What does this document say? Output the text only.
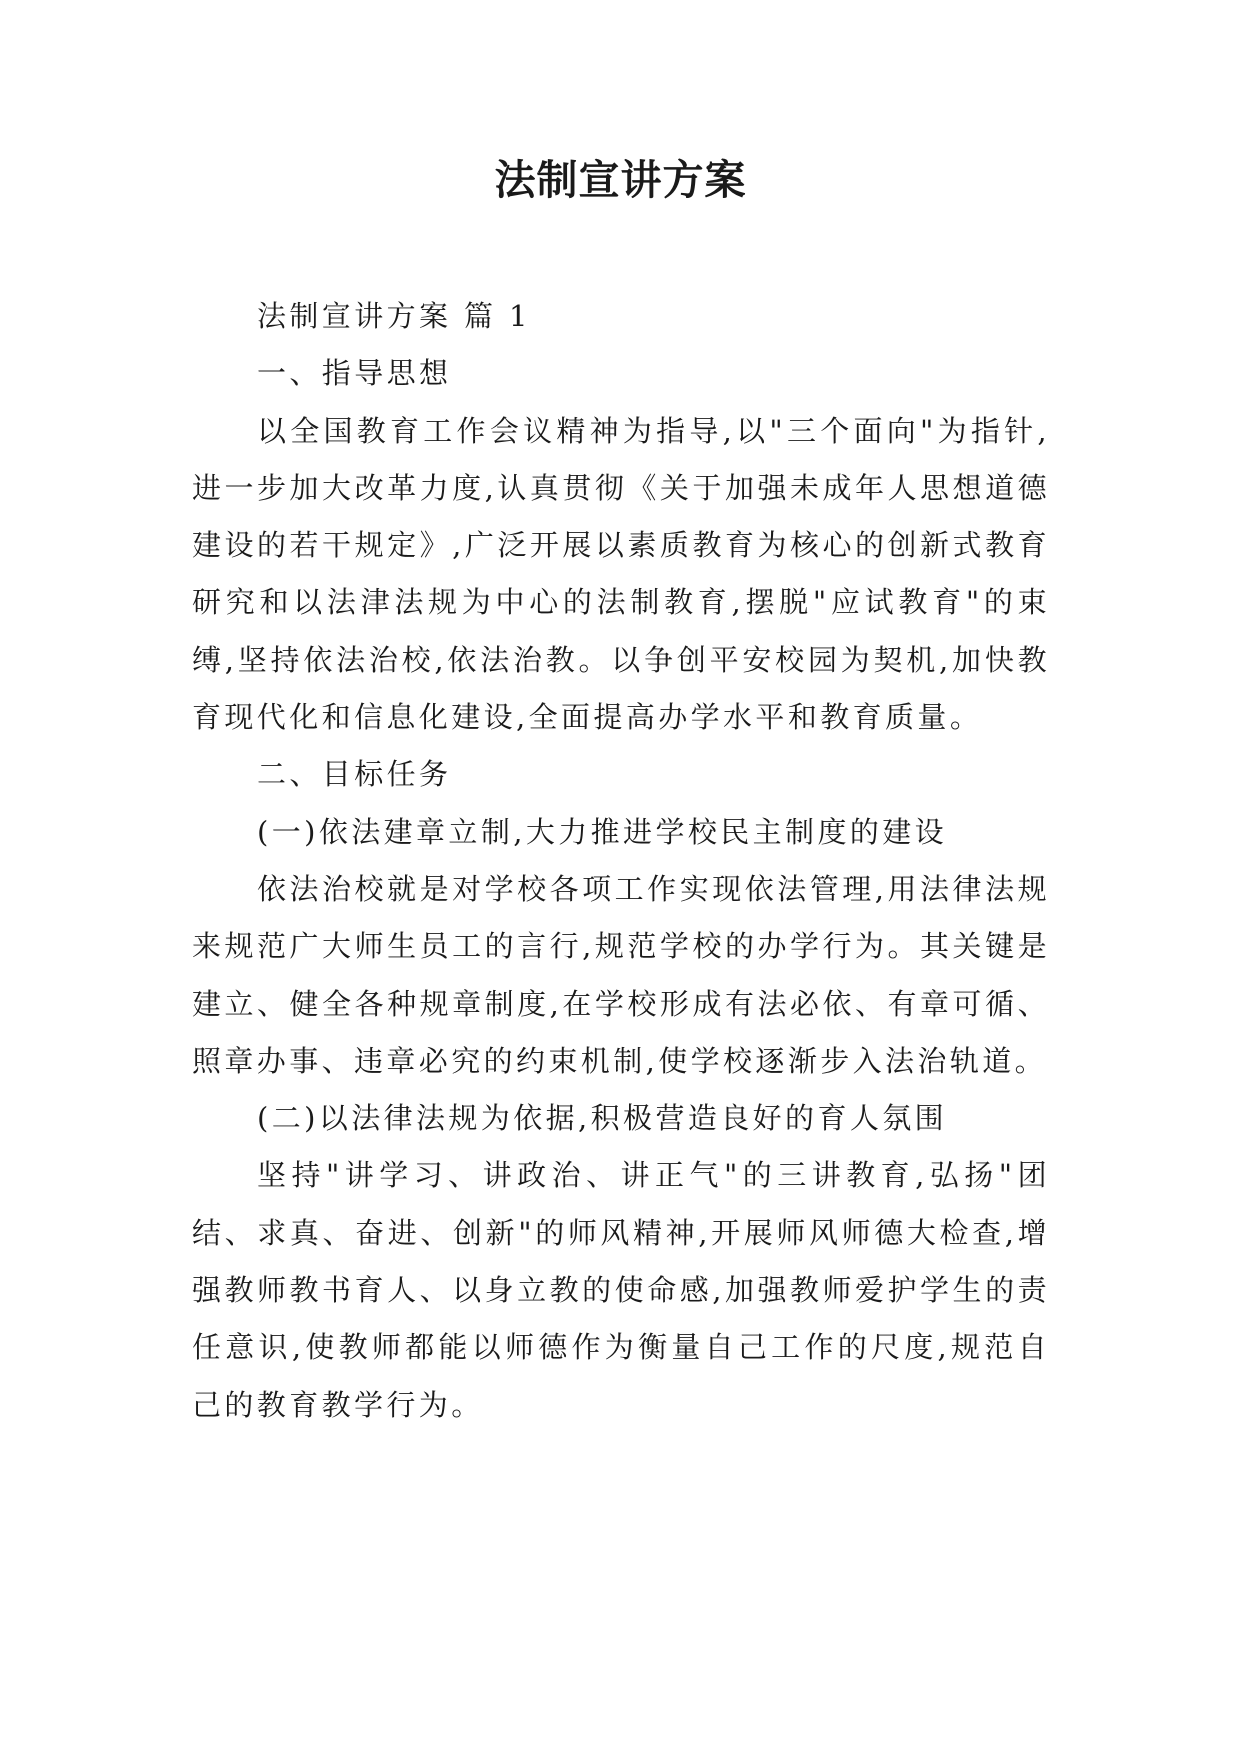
法制宣讲方案

法制宣讲方案 篇 1

一、指导思想

以全国教育工作会议精神为指导,以"三个面向"为指针,进一步加大改革力度,认真贯彻《关于加强未成年人思想道德建设的若干规定》,广泛开展以素质教育为核心的创新式教育研究和以法津法规为中心的法制教育,摆脱"应试教育"的束缚,坚持依法治校,依法治教。以争创平安校园为契机,加快教育现代化和信息化建设,全面提高办学水平和教育质量。

二、目标任务

(一)依法建章立制,大力推进学校民主制度的建设

依法治校就是对学校各项工作实现依法管理,用法律法规来规范广大师生员工的言行,规范学校的办学行为。其关键是建立、健全各种规章制度,在学校形成有法必依、有章可循、照章办事、违章必究的约束机制,使学校逐渐步入法治轨道。

(二)以法律法规为依据,积极营造良好的育人氛围

坚持"讲学习、讲政治、讲正气"的三讲教育,弘扬"团结、求真、奋进、创新"的师风精神,开展师风师德大检查,增强教师教书育人、以身立教的使命感,加强教师爱护学生的责任意识,使教师都能以师德作为衡量自己工作的尺度,规范自己的教育教学行为。
